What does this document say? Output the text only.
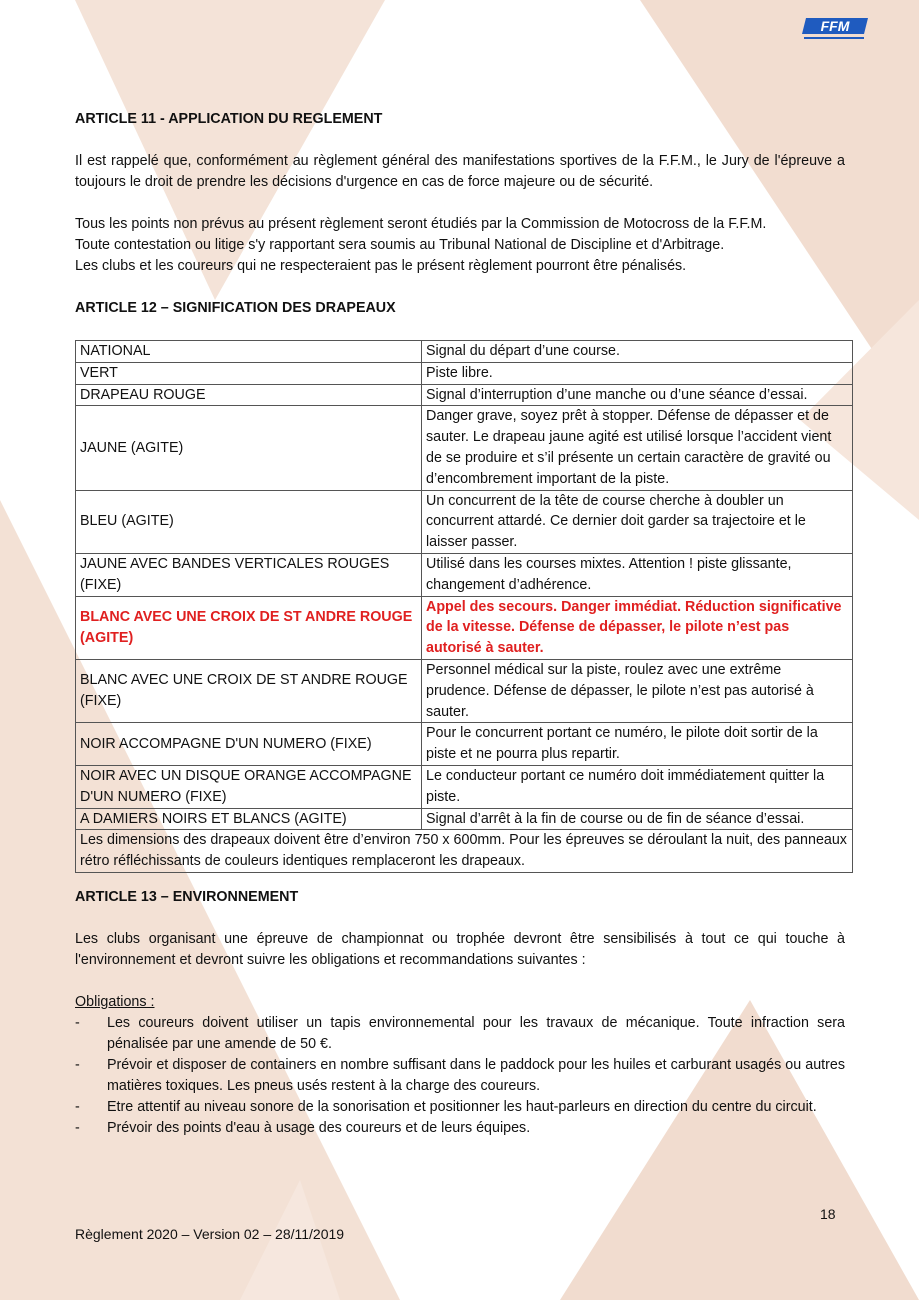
FFM
ARTICLE 11 - APPLICATION DU REGLEMENT

Il est rappelé que, conformément au règlement général des manifestations sportives de la F.F.M., le Jury de l'épreuve a toujours le droit de prendre les décisions d'urgence en cas de force majeure ou de sécurité.

Tous les points non prévus au présent règlement seront étudiés par la Commission de Motocross de la F.F.M.

Toute contestation ou litige s'y rapportant sera soumis au Tribunal National de Discipline et d'Arbitrage.

Les clubs et les coureurs qui ne respecteraient pas le présent règlement pourront être pénalisés.

ARTICLE 12 – SIGNIFICATION DES DRAPEAUX
NATIONAL	Signal du départ d’une course.
VERT	Piste libre.
DRAPEAU ROUGE	Signal d’interruption d’une manche ou d’une séance d’essai.
JAUNE (AGITE)	Danger grave, soyez prêt à stopper. Défense de dépasser et de sauter. Le drapeau jaune agité est utilisé lorsque l’accident vient de se produire et s’il présente un certain caractère de gravité ou d’encombrement important de la piste.
BLEU (AGITE)	Un concurrent de la tête de course cherche à doubler un concurrent attardé. Ce dernier doit garder sa trajectoire et le laisser passer.
JAUNE AVEC BANDES VERTICALES ROUGES (FIXE)	Utilisé dans les courses mixtes. Attention ! piste glissante, changement d’adhérence.
BLANC AVEC UNE CROIX DE ST ANDRE ROUGE (AGITE)	Appel des secours. Danger immédiat. Réduction significative de la vitesse. Défense de dépasser, le pilote n’est pas autorisé à sauter.
BLANC AVEC UNE CROIX DE ST ANDRE ROUGE (FIXE)	Personnel médical sur la piste, roulez avec une extrême prudence. Défense de dépasser, le pilote n’est pas autorisé à sauter.
NOIR ACCOMPAGNE D'UN NUMERO (FIXE)	Pour le concurrent portant ce numéro, le pilote doit sortir de la piste et ne pourra plus repartir.
NOIR AVEC UN DISQUE ORANGE ACCOMPAGNE D'UN NUMERO (FIXE)	Le conducteur portant ce numéro doit immédiatement quitter la piste.
A DAMIERS NOIRS ET BLANCS (AGITE)	Signal d’arrêt à la fin de course ou de fin de séance d’essai.
Les dimensions des drapeaux doivent être d’environ 750 x 600mm. Pour les épreuves se déroulant la nuit, des panneaux rétro réfléchissants de couleurs identiques remplaceront les drapeaux.	
ARTICLE 13 – ENVIRONNEMENT

Les clubs organisant une épreuve de championnat ou trophée devront être sensibilisés à tout ce qui touche à l'environnement et devront suivre les obligations et recommandations suivantes :

Obligations :

- Les coureurs doivent utiliser un tapis environnemental pour les travaux de mécanique. Toute infraction sera pénalisée par une amende de 50 €.
- Prévoir et disposer de containers en nombre suffisant dans le paddock pour les huiles et carburant usagés ou autres matières toxiques. Les pneus usés restent à la charge des coureurs.
- Etre attentif au niveau sonore de la sonorisation et positionner les haut-parleurs en direction du centre du circuit.
- Prévoir des points d'eau à usage des coureurs et de leurs équipes.
18
Règlement 2020 – Version 02 – 28/11/2019
